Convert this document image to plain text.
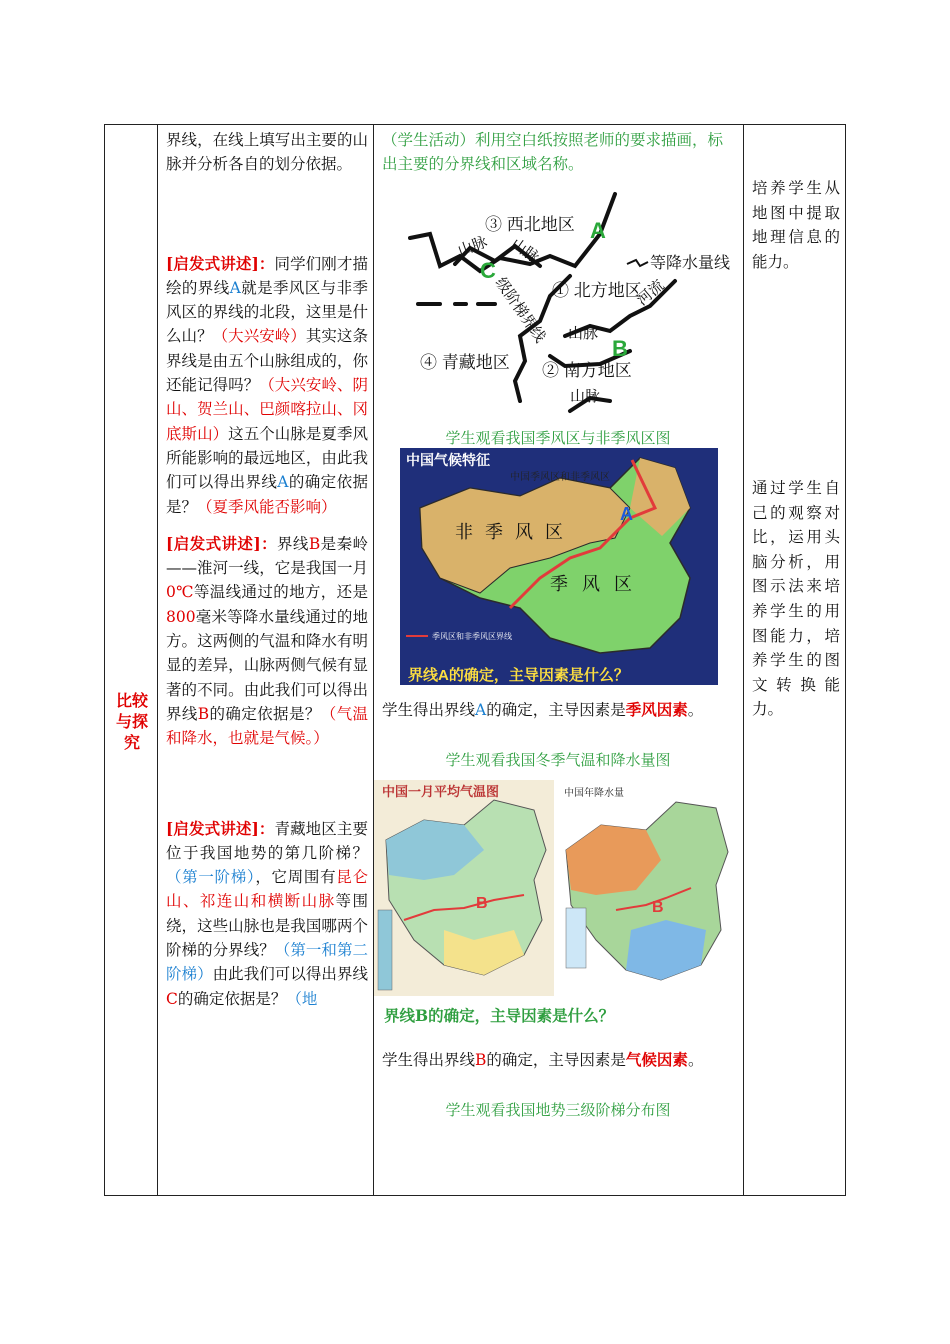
比较与探究

界线，在线上填写出主要的山脉并分析各自的划分依据。

[启发式讲述]：同学们刚才描绘的界线A就是季风区与非季风区的界线的北段，这里是什么山？（大兴安岭）其实这条界线是由五个山脉组成的，你还能记得吗？（大兴安岭、阴山、贺兰山、巴颜喀拉山、冈底斯山）这五个山脉是夏季风所能影响的最远地区，由此我们可以得出界线A的确定依据是？（夏季风能否影响）

[启发式讲述]：界线B是秦岭——淮河一线，它是我国一月0℃等温线通过的地方，还是800毫米等降水量线通过的地方。这两侧的气温和降水有明显的差异，山脉两侧气候有显著的不同。由此我们可以得出界线B的确定依据是？（气温和降水，也就是气候。）

[启发式讲述]：青藏地区主要位于我国地势的第几阶梯？（第一阶梯），它周围有昆仑山、祁连山和横断山脉等围绕，这些山脉也是我国哪两个阶梯的分界线？（第一和第二阶梯）由此我们可以得出界线C的确定依据是？（地

（学生活动）利用空白纸按照老师的要求描画，标出主要的分界线和区域名称。
③ 西北地区
① 北方地区
④ 青藏地区 ② 南方地区
山脉 山脉
山脉
山脉
等降水量线
河流
级阶梯界线
A
C
B
学生观看我国季风区与非季风区图
中国气候特征
中国季风区和非季风区
非季风区
季风区
A
季风区和非季风区界线
界线A的确定，主导因素是什么？
学生得出界线A的确定，主导因素是季风因素。
学生观看我国冬季气温和降水量图
中国一月平均气温图
B
中国年降水量
B
界线B的确定，主导因素是什么？
学生得出界线B的确定，主导因素是气候因素。
学生观看我国地势三级阶梯分布图
培养学生从地图中提取地理信息的能力。
通过学生自己的观察对比，运用头脑分析，用图示法来培养学生的用图能力，培养学生的图文转换能力。
